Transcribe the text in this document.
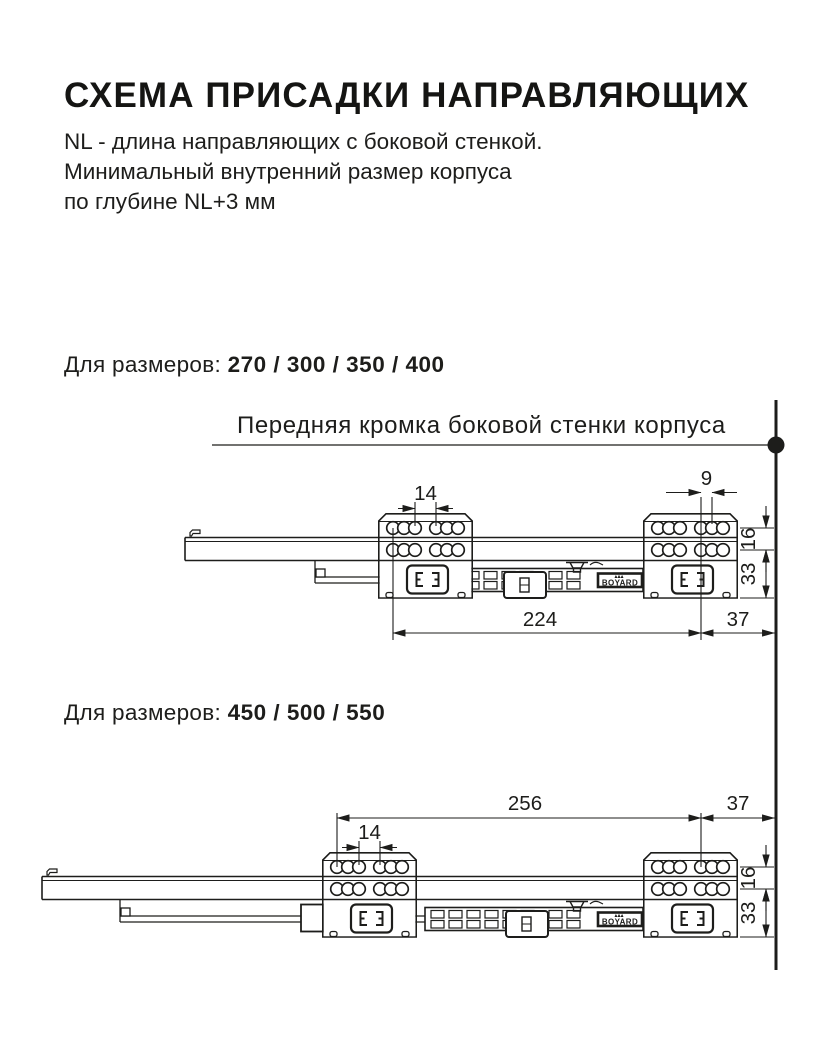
СХЕМА ПРИСАДКИ НАПРАВЛЯЮЩИХ
NL - длина направляющих с боковой стенкой.
Минимальный внутренний размер корпуса
по глубине NL+3 мм
Для размеров: 270 / 300 / 350 / 400
Передняя кромка боковой стенки корпуса
Для размеров: 450 / 500 / 550
BOYARD
14
9
224	37
16
33
BOYARD
256	37
14
16
33
